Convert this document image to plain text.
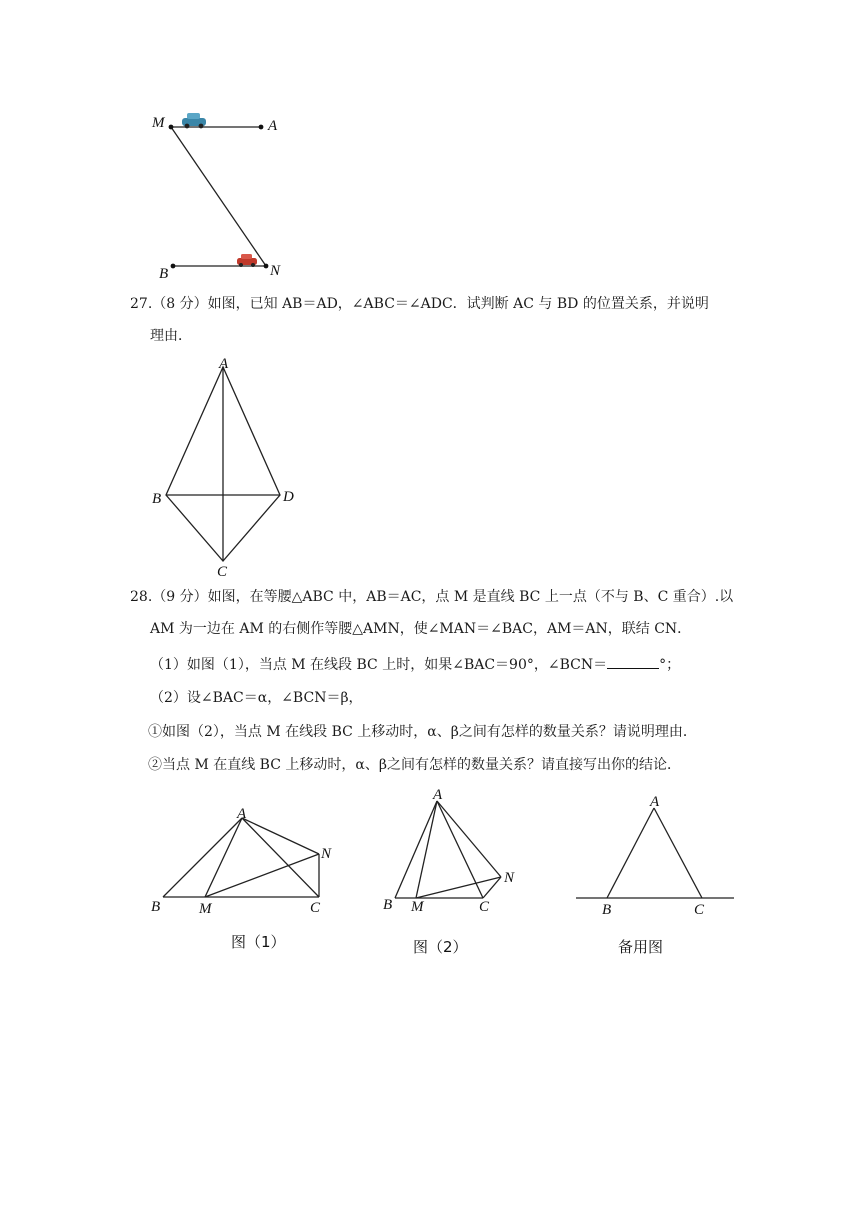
M	A
B	N
27.（8 分）如图，已知 AB＝AD，∠ABC＝∠ADC．试判断 AC 与 BD 的位置关系，并说明
理由．
A
B
C
D
28.（9 分）如图，在等腰△ABC 中，AB＝AC，点 M 是直线 BC 上一点（不与 B、C 重合）.以
AM 为一边在 AM 的右侧作等腰△AMN，使∠MAN＝∠BAC，AM＝AN，联结 CN．
（1）如图（1），当点 M 在线段 BC 上时，如果∠BAC＝90°，∠BCN＝	°；
（2）设∠BAC＝α，∠BCN＝β，
①如图（2），当点 M 在线段 BC 上移动时，α、β之间有怎样的数量关系？请说明理由．
②当点 M 在直线 BC 上移动时，α、β之间有怎样的数量关系？请直接写出你的结论．
A
B	M	C
N
图（1）
A
B M	C
N
图（2）
A
B	C
备用图
